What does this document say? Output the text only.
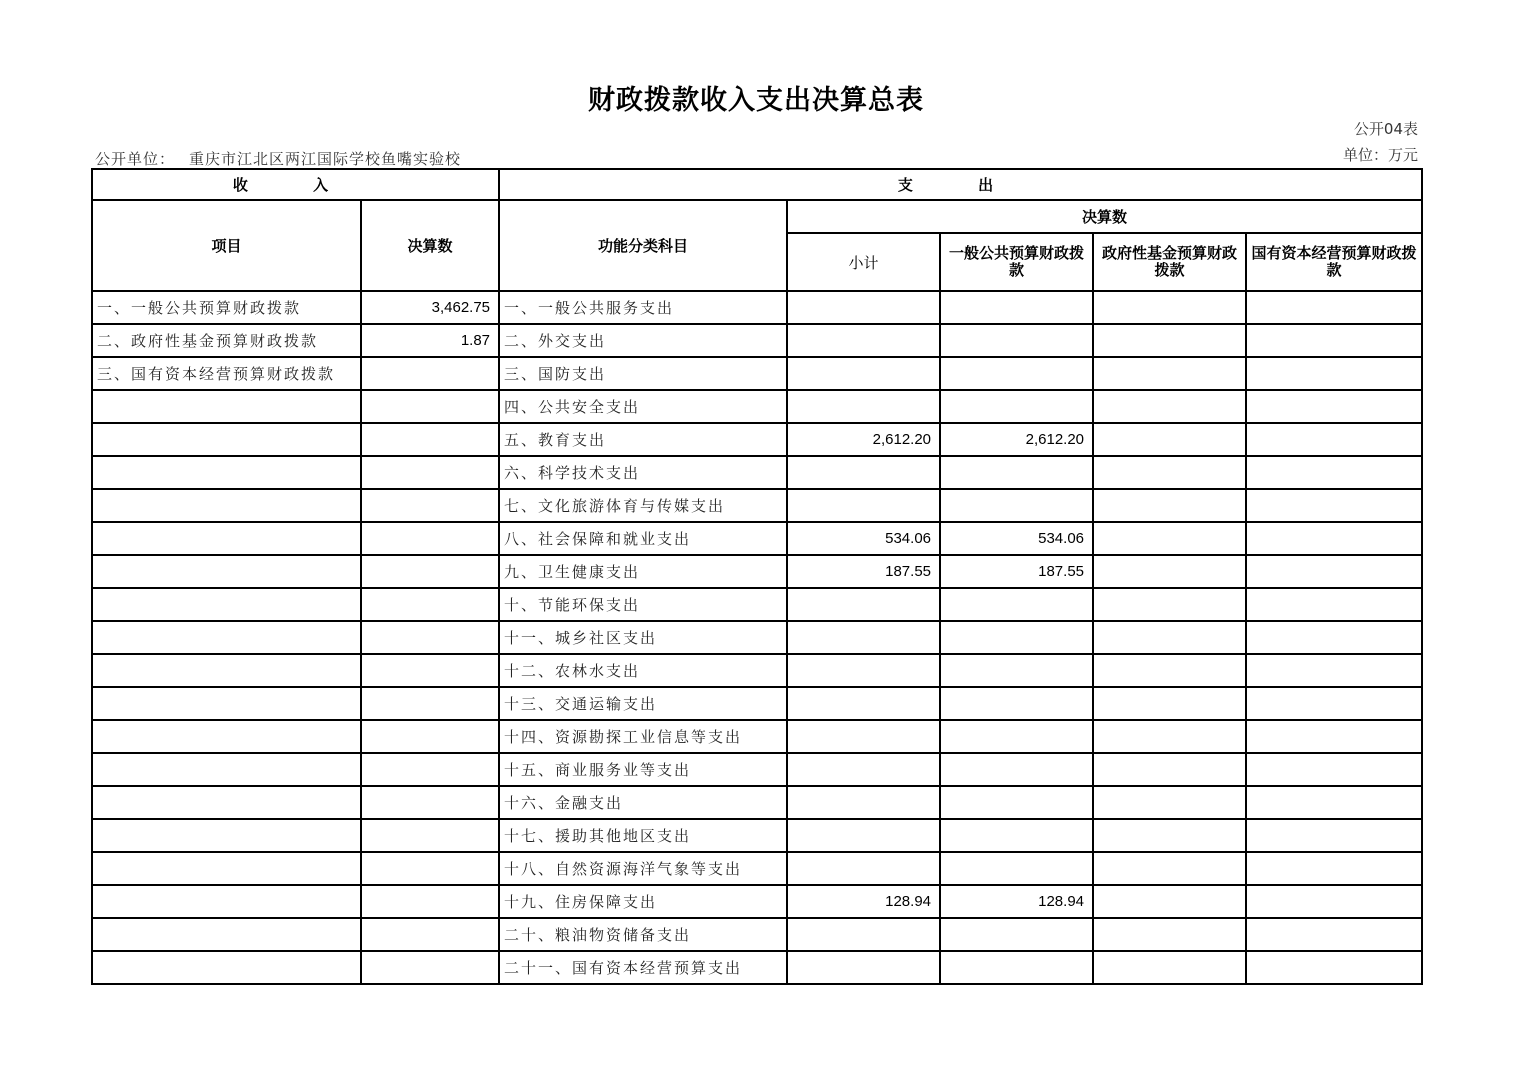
财政拨款收入支出决算总表
公开04表
单位：万元
公开单位： 重庆市江北区两江国际学校鱼嘴实验校
收 入		支 出				
项目	决算数	功能分类科目	决算数			
			小计	一般公共预算财政拨款	政府性基金预算财政拨款	国有资本经营预算财政拨款
一、一般公共预算财政拨款	3,462.75	一、一般公共服务支出				
二、政府性基金预算财政拨款	1.87	二、外交支出				
三、国有资本经营预算财政拨款		三、国防支出				
		四、公共安全支出				
		五、教育支出	2,612.20	2,612.20		
		六、科学技术支出				
		七、文化旅游体育与传媒支出				
		八、社会保障和就业支出	534.06	534.06		
		九、卫生健康支出	187.55	187.55		
		十、节能环保支出				
		十一、城乡社区支出				
		十二、农林水支出				
		十三、交通运输支出				
		十四、资源勘探工业信息等支出				
		十五、商业服务业等支出				
		十六、金融支出				
		十七、援助其他地区支出				
		十八、自然资源海洋气象等支出				
		十九、住房保障支出	128.94	128.94		
		二十、粮油物资储备支出				
		二十一、国有资本经营预算支出				
